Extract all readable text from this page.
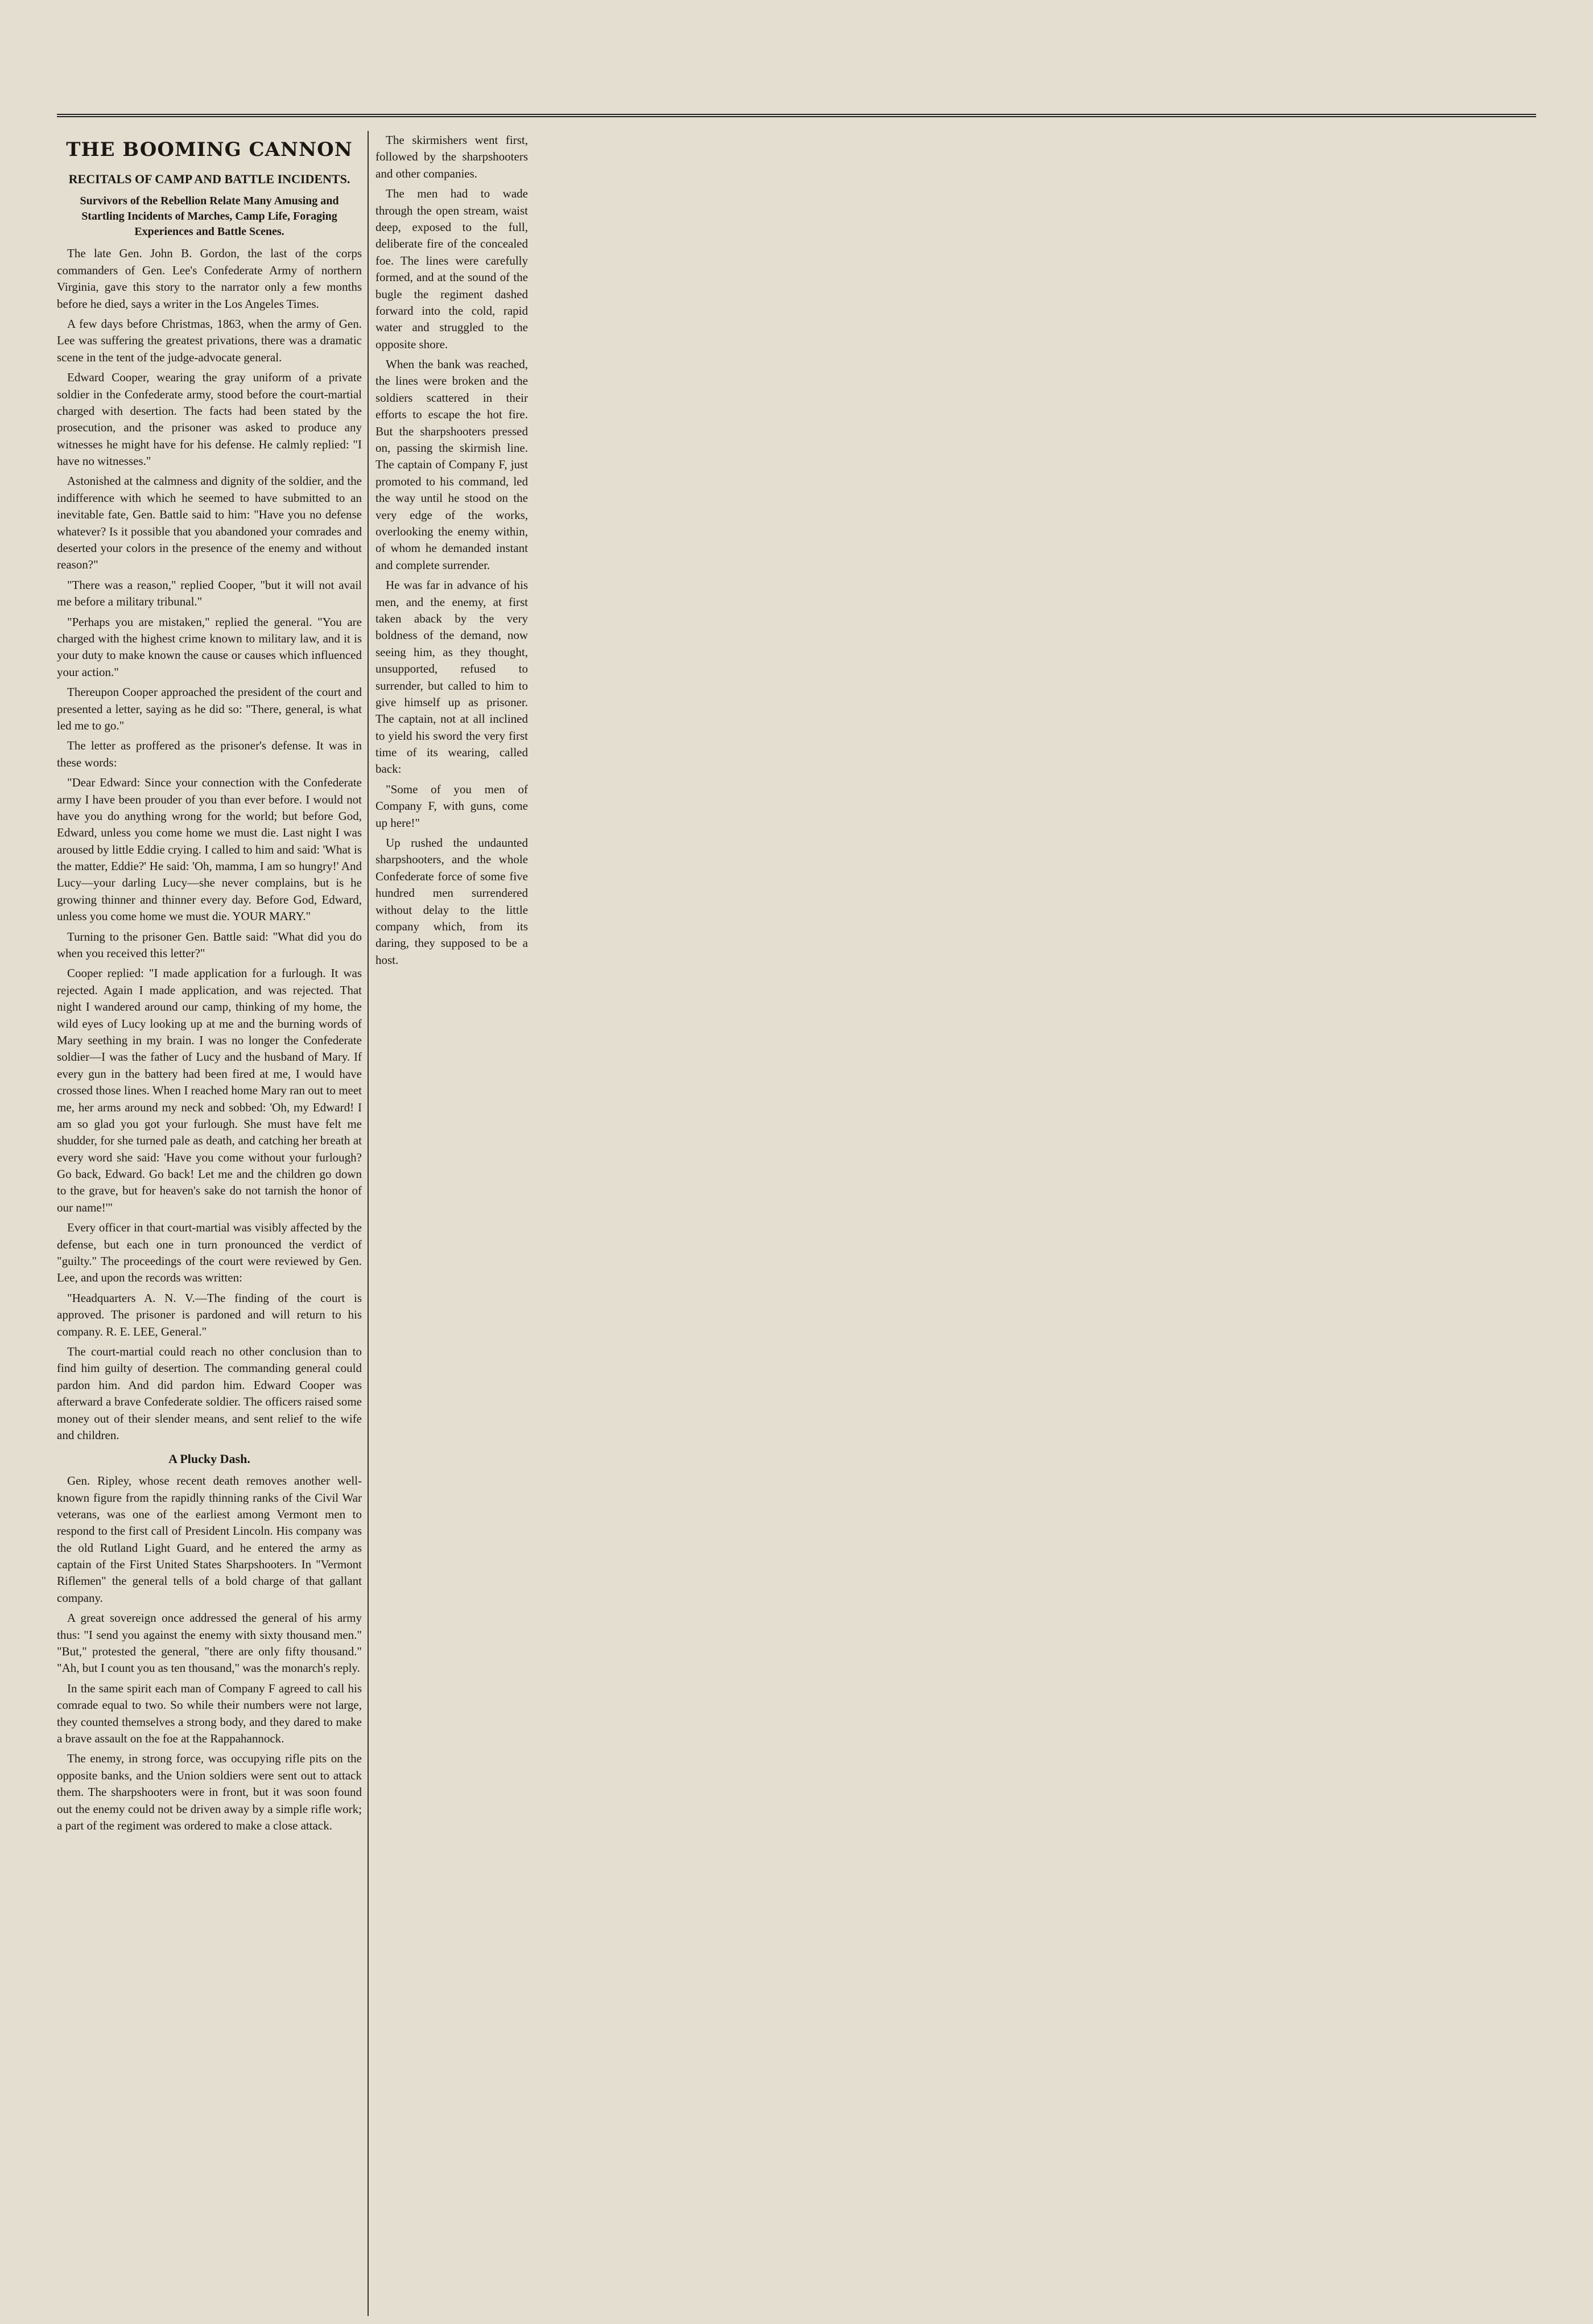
THE BOOMING CANNON
RECITALS OF CAMP AND BATTLE INCIDENTS.
Survivors of the Rebellion Relate Many Amusing and Startling Incidents of Marches, Camp Life, Foraging Experiences and Battle Scenes.

The late Gen. John B. Gordon, the last of the corps commanders of Gen. Lee's Confederate Army of northern Virginia, gave this story to the narrator only a few months before he died, says a writer in the Los Angeles Times.

A few days before Christmas, 1863, when the army of Gen. Lee was suffering the greatest privations, there was a dramatic scene in the tent of the judge-advocate general.

Edward Cooper, wearing the gray uniform of a private soldier in the Confederate army, stood before the court-martial charged with desertion. The facts had been stated by the prosecution, and the prisoner was asked to produce any witnesses he might have for his defense. He calmly replied: "I have no witnesses."

Astonished at the calmness and dignity of the soldier, and the indifference with which he seemed to have submitted to an inevitable fate, Gen. Battle said to him: "Have you no defense whatever? Is it possible that you abandoned your comrades and deserted your colors in the presence of the enemy and without reason?"

"There was a reason," replied Cooper, "but it will not avail me before a military tribunal."

"Perhaps you are mistaken," replied the general. "You are charged with the highest crime known to military law, and it is your duty to make known the cause or causes which influenced your action."

Thereupon Cooper approached the president of the court and presented a letter, saying as he did so: "There, general, is what led me to go."

The letter as proffered as the prisoner's defense. It was in these words:

"Dear Edward: Since your connection with the Confederate army I have been prouder of you than ever before. I would not have you do anything wrong for the world; but before God, Edward, unless you come home we must die. Last night I was aroused by little Eddie crying. I called to him and said: 'What is the matter, Eddie?' He said: 'Oh, mamma, I am so hungry!' And Lucy—your darling Lucy—she never complains, but is he growing thinner and thinner every day. Before God, Edward, unless you come home we must die. YOUR MARY."

Turning to the prisoner Gen. Battle said: "What did you do when you received this letter?"

Cooper replied: "I made application for a furlough. It was rejected. Again I made application, and was rejected. That night I wandered around our camp, thinking of my home, the wild eyes of Lucy looking up at me and the burning words of Mary seething in my brain. I was no longer the Confederate soldier—I was the father of Lucy and the husband of Mary. If every gun in the battery had been fired at me, I would have crossed those lines. When I reached home Mary ran out to meet me, her arms around my neck and sobbed: 'Oh, my Edward! I am so glad you got your furlough. She must have felt me shudder, for she turned pale as death, and catching her breath at every word she said: 'Have you come without your furlough? Go back, Edward. Go back! Let me and the children go down to the grave, but for heaven's sake do not tarnish the honor of our name!'"

Every officer in that court-martial was visibly affected by the defense, but each one in turn pronounced the verdict of "guilty." The proceedings of the court were reviewed by Gen. Lee, and upon the records was written:

"Headquarters A. N. V.—The finding of the court is approved. The prisoner is pardoned and will return to his company. R. E. LEE, General."

The court-martial could reach no other conclusion than to find him guilty of desertion. The commanding general could pardon him. And did pardon him. Edward Cooper was afterward a brave Confederate soldier. The officers raised some money out of their slender means, and sent relief to the wife and children.

A Plucky Dash.

Gen. Ripley, whose recent death removes another well-known figure from the rapidly thinning ranks of the Civil War veterans, was one of the earliest among Vermont men to respond to the first call of President Lincoln. His company was the old Rutland Light Guard, and he entered the army as captain of the First United States Sharpshooters. In "Vermont Riflemen" the general tells of a bold charge of that gallant company.

A great sovereign once addressed the general of his army thus: "I send you against the enemy with sixty thousand men." "But," protested the general, "there are only fifty thousand." "Ah, but I count you as ten thousand," was the monarch's reply.

In the same spirit each man of Company F agreed to call his comrade equal to two. So while their numbers were not large, they counted themselves a strong body, and they dared to make a brave assault on the foe at the Rappahannock.

The enemy, in strong force, was occupying rifle pits on the opposite banks, and the Union soldiers were sent out to attack them. The sharpshooters were in front, but it was soon found out the enemy could not be driven away by a simple rifle work; a part of the regiment was ordered to make a close attack.

The skirmishers went first, followed by the sharpshooters and other companies.

The men had to wade through the open stream, waist deep, exposed to the full, deliberate fire of the concealed foe. The lines were carefully formed, and at the sound of the bugle the regiment dashed forward into the cold, rapid water and struggled to the opposite shore.

When the bank was reached, the lines were broken and the soldiers scattered in their efforts to escape the hot fire. But the sharpshooters pressed on, passing the skirmish line. The captain of Company F, just promoted to his command, led the way until he stood on the very edge of the works, overlooking the enemy within, of whom he demanded instant and complete surrender.

He was far in advance of his men, and the enemy, at first taken aback by the very boldness of the demand, now seeing him, as they thought, unsupported, refused to surrender, but called to him to give himself up as prisoner. The captain, not at all inclined to yield his sword the very first time of its wearing, called back:

"Some of you men of Company F, with guns, come up here!"

Up rushed the undaunted sharpshooters, and the whole Confederate force of some five hundred men surrendered without delay to the little company which, from its daring, they supposed to be a host.
